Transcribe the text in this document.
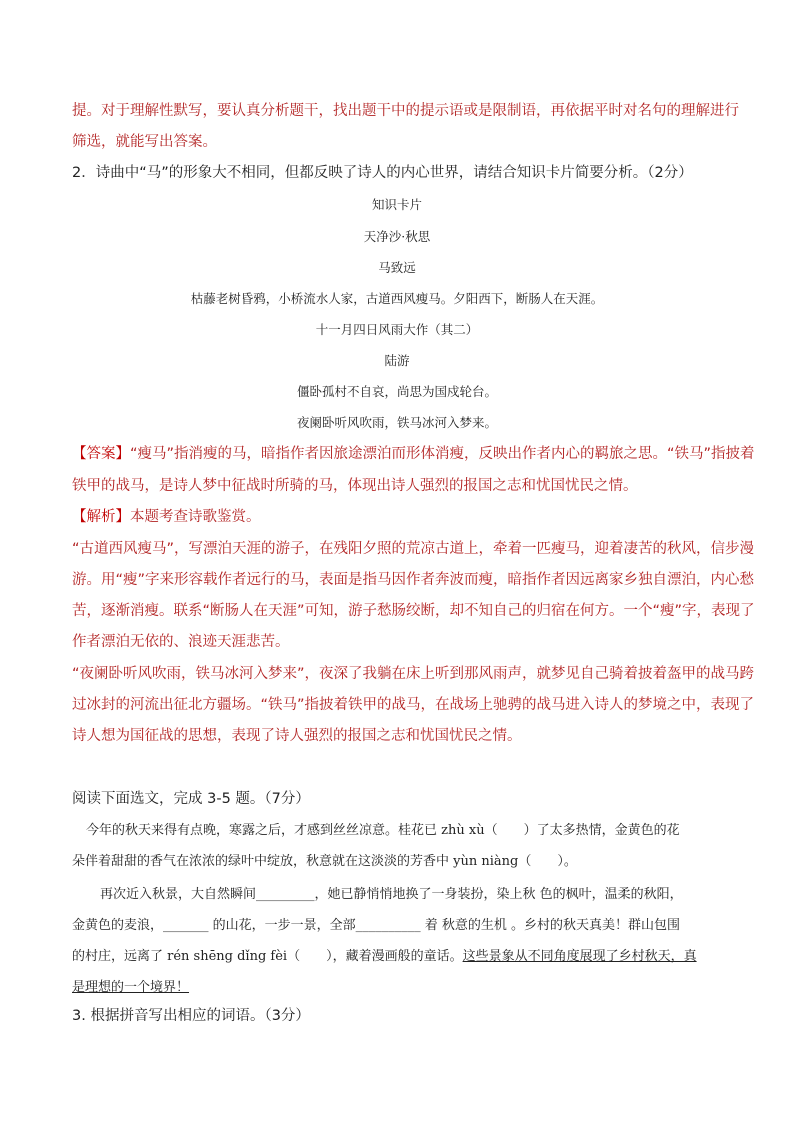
提。对于理解性默写，要认真分析题干，找出题干中的提示语或是限制语，再依据平时对名句的理解进行
筛选，就能写出答案。
2．诗曲中“马”的形象大不相同，但都反映了诗人的内心世界，请结合知识卡片简要分析。（2分）
知识卡片
天净沙·秋思
马致远
枯藤老树昏鸦，小桥流水人家，古道西风瘦马。夕阳西下，断肠人在天涯。
十一月四日风雨大作（其二）
陆游
僵卧孤村不自哀，尚思为国戍轮台。
夜阑卧听风吹雨，铁马冰河入梦来。
【答案】“瘦马”指消瘦的马，暗指作者因旅途漂泊而形体消瘦，反映出作者内心的羁旅之思。“铁马”指披着
铁甲的战马，是诗人梦中征战时所骑的马，体现出诗人强烈的报国之志和忧国忧民之情。
【解析】本题考查诗歌鉴赏。
“古道西风瘦马”，写漂泊天涯的游子，在残阳夕照的荒凉古道上，牵着一匹瘦马，迎着凄苦的秋风，信步漫
游。用“瘦”字来形容载作者远行的马，表面是指马因作者奔波而瘦，暗指作者因远离家乡独自漂泊，内心愁
苦，逐渐消瘦。联系“断肠人在天涯”可知，游子愁肠绞断，却不知自己的归宿在何方。一个“瘦”字，表现了
作者漂泊无依的、浪迹天涯悲苦。
“夜阑卧听风吹雨，铁马冰河入梦来”，夜深了我躺在床上听到那风雨声，就梦见自己骑着披着盔甲的战马跨
过冰封的河流出征北方疆场。“铁马”指披着铁甲的战马，在战场上驰骋的战马进入诗人的梦境之中，表现了
诗人想为国征战的思想，表现了诗人强烈的报国之志和忧国忧民之情。
阅读下面选文，完成 3-5 题。（7分）
今年的秋天来得有点晚，寒露之后，才感到丝丝凉意。桂花已 zhù xù（　　）了太多热情，金黄色的花
朵伴着甜甜的香气在浓浓的绿叶中绽放，秋意就在这淡淡的芳香中 yùn niàng（　　）。
再次近入秋景，大自然瞬间_________，她已静悄悄地换了一身装扮，染上秋 色的枫叶，温柔的秋阳，
金黄色的麦浪，_______ 的山花，一步一景，全部__________ 着 秋意的生机 。乡村的秋天真美！群山包围
的村庄，远离了 rén shēng dǐng fèi（　　），藏着漫画般的童话。这些景象从不同角度展现了乡村秋天，真
是理想的一个境界！
3. 根据拼音写出相应的词语。（3分）
